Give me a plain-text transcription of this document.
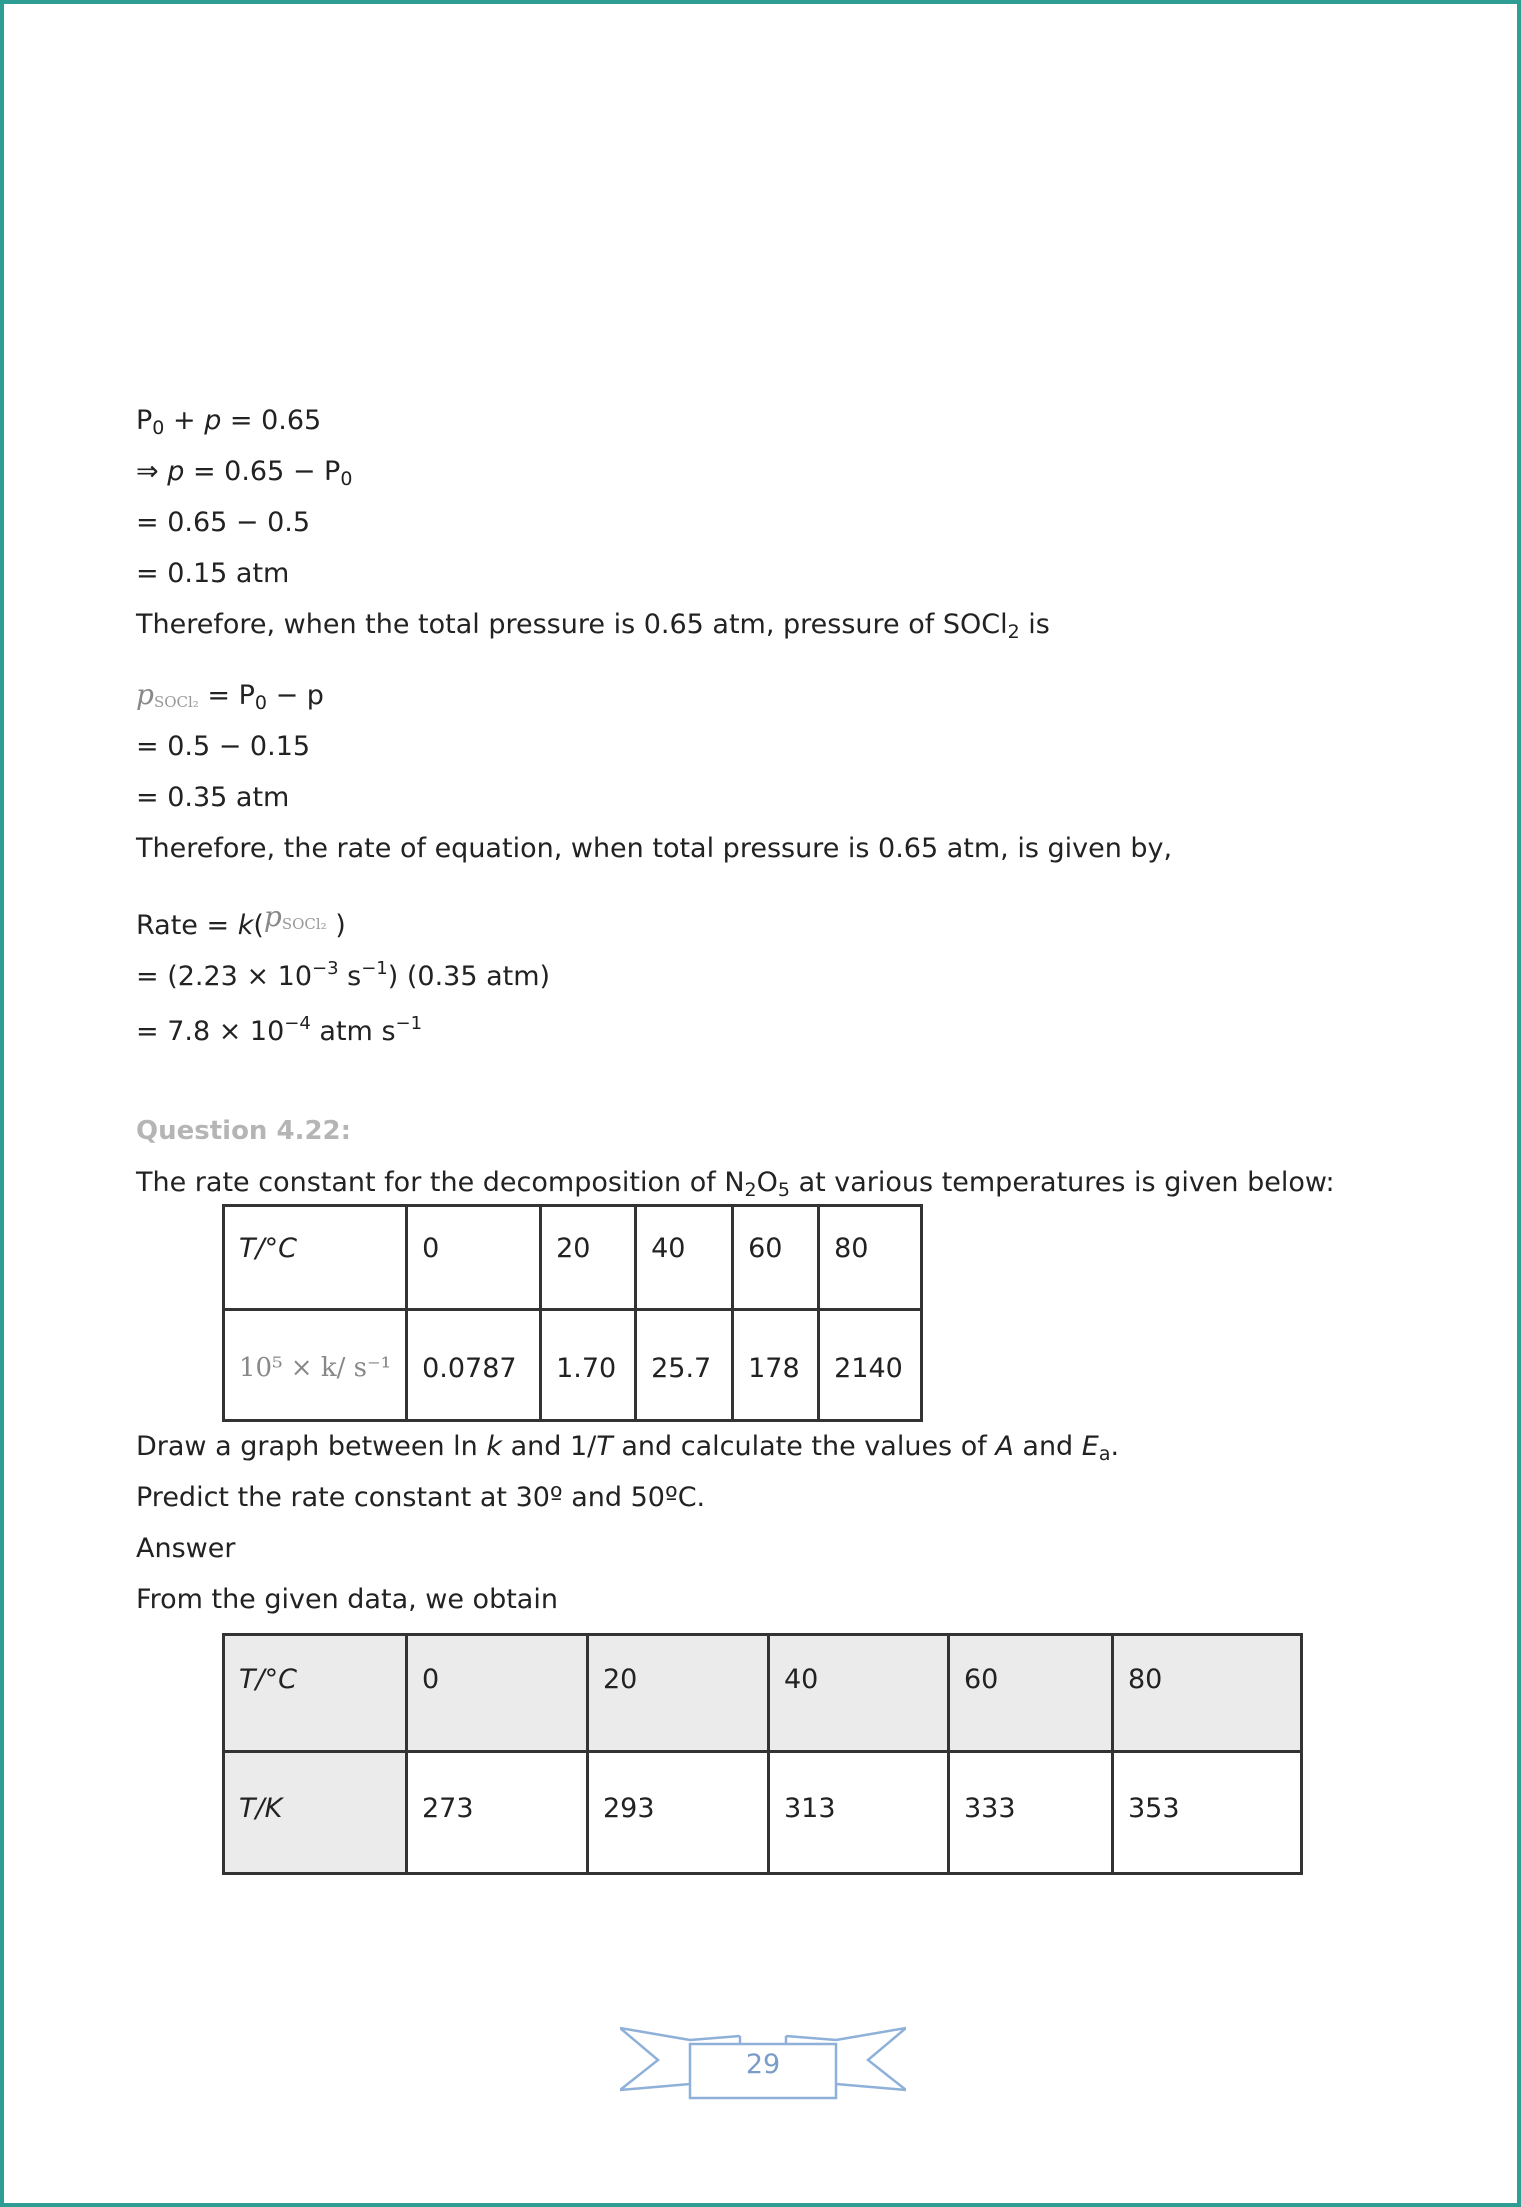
$P_0 + p = 0.65$
⇒ $p = 0.65 - P_0$
= 0.65 − 0.5
= 0.15 atm
Therefore, when the total pressure is 0.65 atm, pressure of SOCl$_2$ is
pSOCl₂ = $P_0 - p$
= 0.5 − 0.15
= 0.35 atm
Therefore, the rate of equation, when total pressure is 0.65 atm, is given by,
Rate = k(pSOCl₂ )
= ($2.23 \times 10^{-3}$ $s^{-1}$) (0.35 atm)
= $7.8 \times 10^{-4}$ atm $s^{-1}$
Question 4.22:
The rate constant for the decomposition of $N_2O_5$ at various temperatures is given below:
T/°C	0	20	40	60	80
10⁵ × k/ s⁻¹	0.0787	1.70	25.7	178	2140
Draw a graph between ln k and 1/T and calculate the values of A and $E_a$.
Predict the rate constant at 30º and 50ºC.
Answer
From the given data, we obtain
T/°C	0	20	40	60	80
T/K	273	293	313	333	353
29
